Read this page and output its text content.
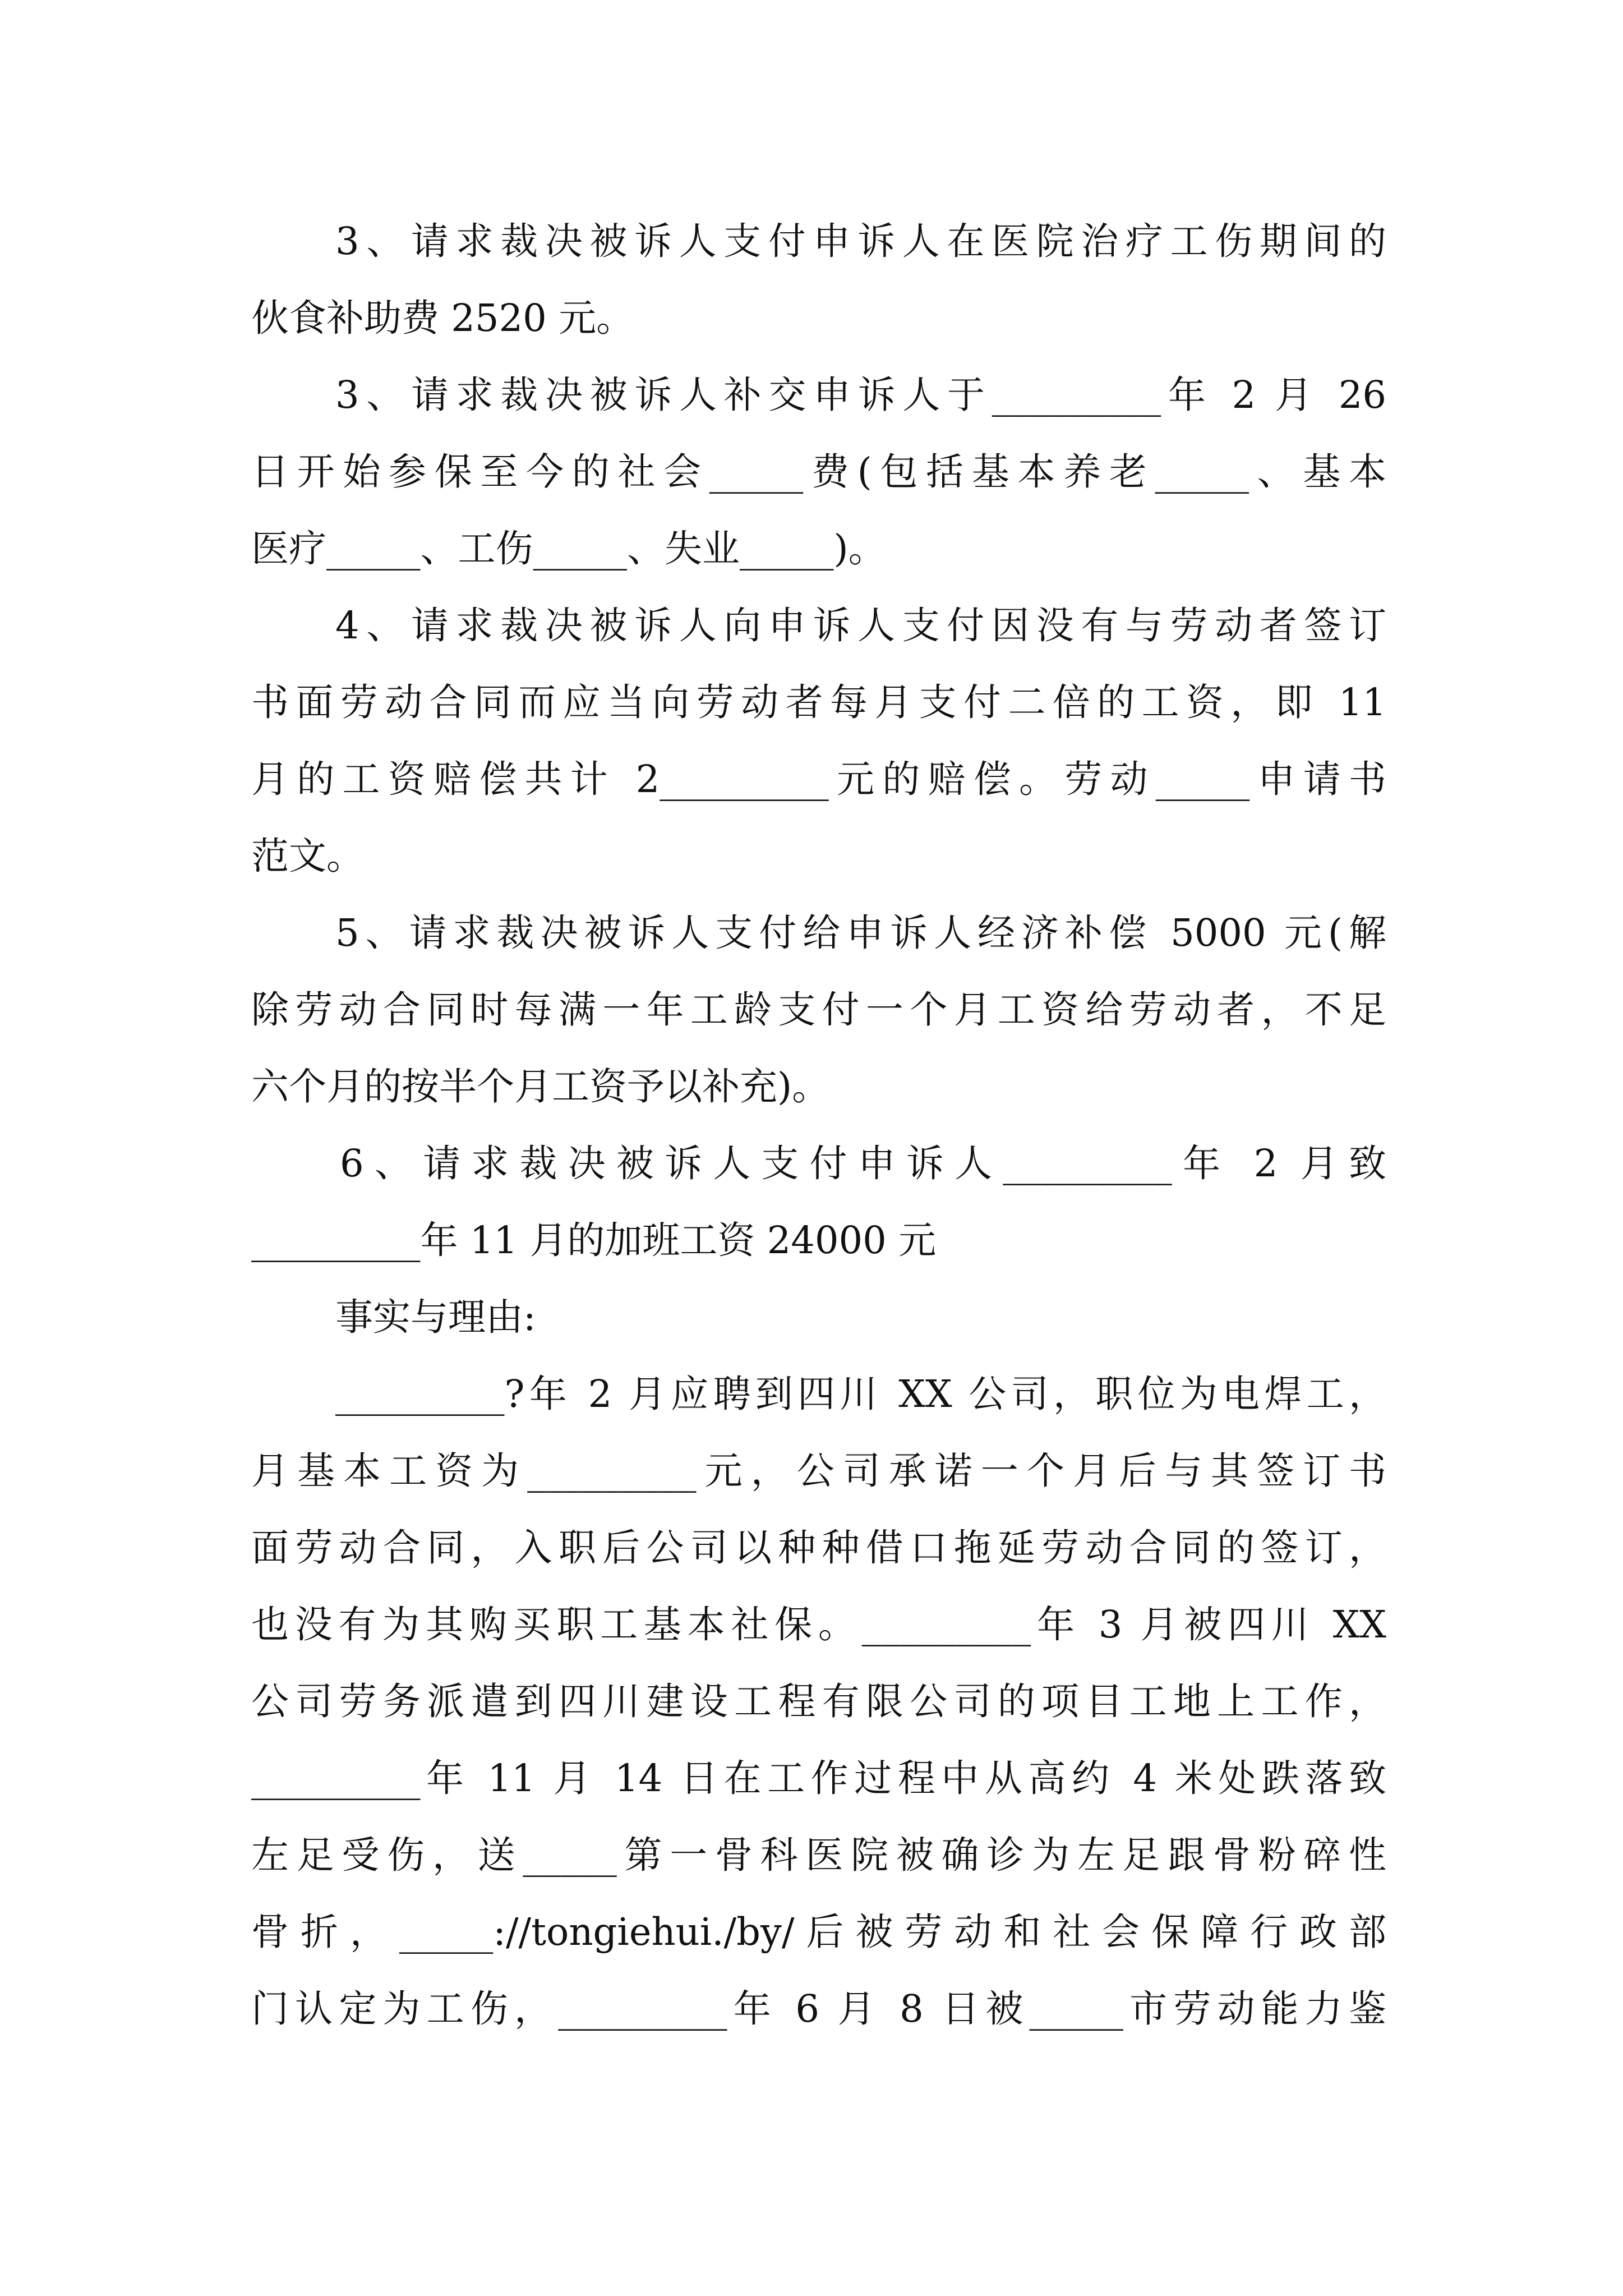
3、请求裁决被诉人支付申诉人在医院治疗工伤期间的
伙食补助费 2520 元。
3、请求裁决被诉人补交申诉人于_________年 2 月 26
日开始参保至今的社会_____费(包括基本养老_____、基本
医疗_____、工伤_____、失业_____)。
4、请求裁决被诉人向申诉人支付因没有与劳动者签订
书面劳动合同而应当向劳动者每月支付二倍的工资，即 11
月的工资赔偿共计 2_________元的赔偿。劳动_____申请书
范文。
5、请求裁决被诉人支付给申诉人经济补偿 5000 元(解
除劳动合同时每满一年工龄支付一个月工资给劳动者，不足
六个月的按半个月工资予以补充)。
6、请求裁决被诉人支付申诉人_________年 2 月致
_________年 11 月的加班工资 24000 元
事实与理由:
_________?年 2 月应聘到四川 XX 公司，职位为电焊工，
月基本工资为_________元，公司承诺一个月后与其签订书
面劳动合同，入职后公司以种种借口拖延劳动合同的签订，
也没有为其购买职工基本社保。_________年 3 月被四川 XX
公司劳务派遣到四川建设工程有限公司的项目工地上工作，
_________年 11 月 14 日在工作过程中从高约 4 米处跌落致
左足受伤，送_____第一骨科医院被确诊为左足跟骨粉碎性
骨折，_____://tongiehui./by/后被劳动和社会保障行政部
门认定为工伤，_________年 6 月 8 日被_____市劳动能力鉴
